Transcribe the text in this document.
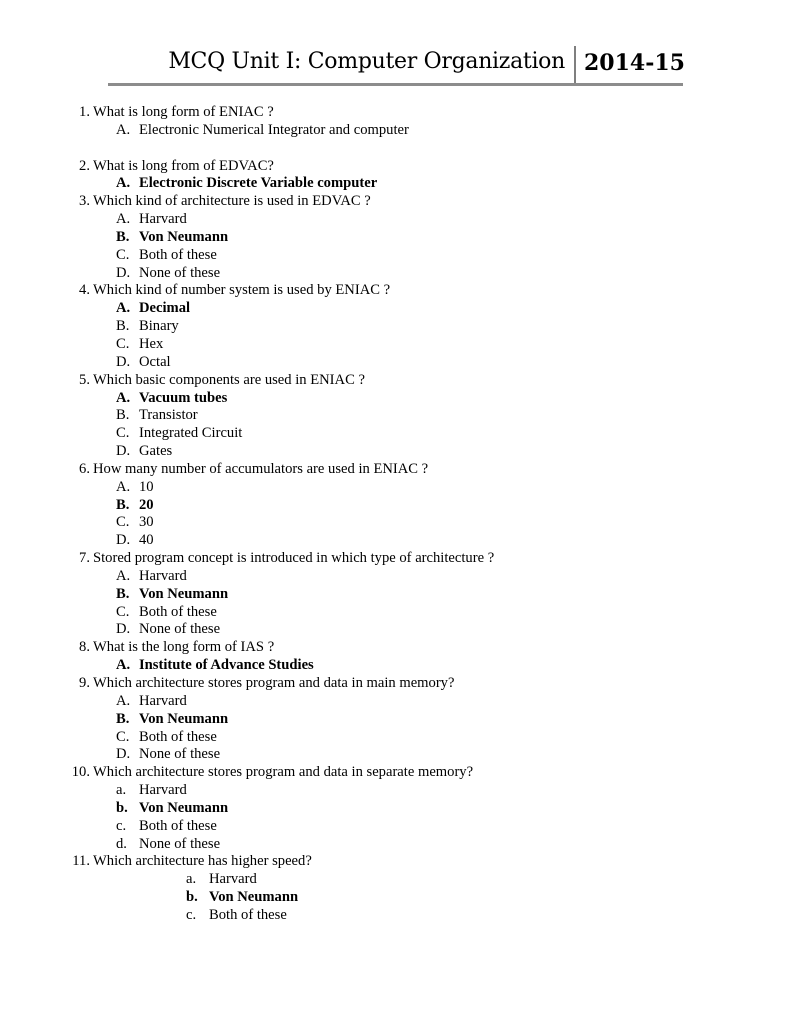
MCQ Unit I: Computer Organization 2014-15
1. What is long form of ENIAC ?
A. Electronic Numerical Integrator and computer
2. What is long from of EDVAC?
A. Electronic Discrete Variable computer
3. Which kind of architecture is used in EDVAC ?
A. Harvard
B. Von Neumann
C. Both of these
D. None of these
4. Which kind of number system is used by ENIAC ?
A. Decimal
B. Binary
C. Hex
D. Octal
5. Which basic components are used in ENIAC ?
A. Vacuum tubes
B. Transistor
C. Integrated Circuit
D. Gates
6. How many number of accumulators are used in ENIAC ?
A. 10
B. 20
C. 30
D. 40
7. Stored program concept is introduced in which type of architecture ?
A. Harvard
B. Von Neumann
C. Both of these
D. None of these
8. What is the long form of IAS ?
A. Institute of Advance Studies
9. Which architecture stores program and data in main memory?
A. Harvard
B. Von Neumann
C. Both of these
D. None of these
10. Which architecture stores program and data in separate memory?
a. Harvard
b. Von Neumann
c. Both of these
d. None of these
11. Which architecture has higher speed?
a. Harvard
b. Von Neumann
c. Both of these
